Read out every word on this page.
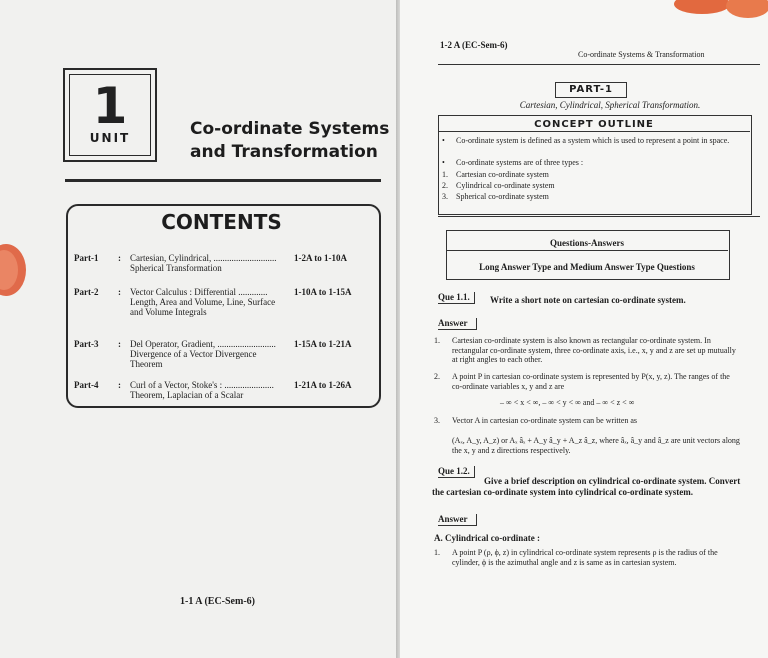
1
UNIT	Co-ordinate Systems
and Transformation
CONTENTS
Part-1 : Cartesian, Cylindrical, ............................ Spherical Transformation
1-2A to 1-10A
Part-2 : Vector Calculus : Differential ............. Length, Area and Volume, Line, Surface and Volume Integrals
1-10A to 1-15A
Part-3 : Del Operator, Gradient, .......................... Divergence of a Vector Divergence Theorem
1-15A to 1-21A
Part-4 : Curl of a Vector, Stoke's : ...................... Theorem, Laplacian of a Scalar
1-21A to 1-26A
1-1 A (EC-Sem-6)
1-2 A (EC-Sem-6)
Co-ordinate Systems & Transformation
PART-1
Cartesian, Cylindrical, Spherical Transformation.
CONCEPT OUTLINE
• Co-ordinate system is defined as a system which is used to represent a point in space.
• Co-ordinate systems are of three types :
1. Cartesian co-ordinate system
2. Cylindrical co-ordinate system
3. Spherical co-ordinate system
Questions-Answers
Long Answer Type and Medium Answer Type Questions
Que 1.1.	Write a short note on cartesian co-ordinate system.
Answer
1. Cartesian co-ordinate system is also known as rectangular co-ordinate system. In rectangular co-ordinate system, three co-ordinate axis, i.e., x, y and z are set up mutually at right angles to each other.
2. A point P in cartesian co-ordinate system is represented by P(x, y, z). The ranges of the co-ordinate variables x, y and z are
– ∞ < x < ∞, – ∞ < y < ∞ and – ∞ < z < ∞
3. Vector A in cartesian co-ordinate system can be written as
(Aₓ, A_y, A_z) or Aₓ âₓ + A_y â_y + A_z â_z, where âₓ, â_y and â_z are unit vectors along the x, y and z directions respectively.
Que 1.2.
Give a brief description on cylindrical co-ordinate system. Convert the cartesian co-ordinate system into cylindrical co-ordinate system.
Answer
A. Cylindrical co-ordinate :
1. A point P (ρ, ϕ, z) in cylindrical co-ordinate system represents ρ is the radius of the cylinder, ϕ is the azimuthal angle and z is same as in cartesian system.
